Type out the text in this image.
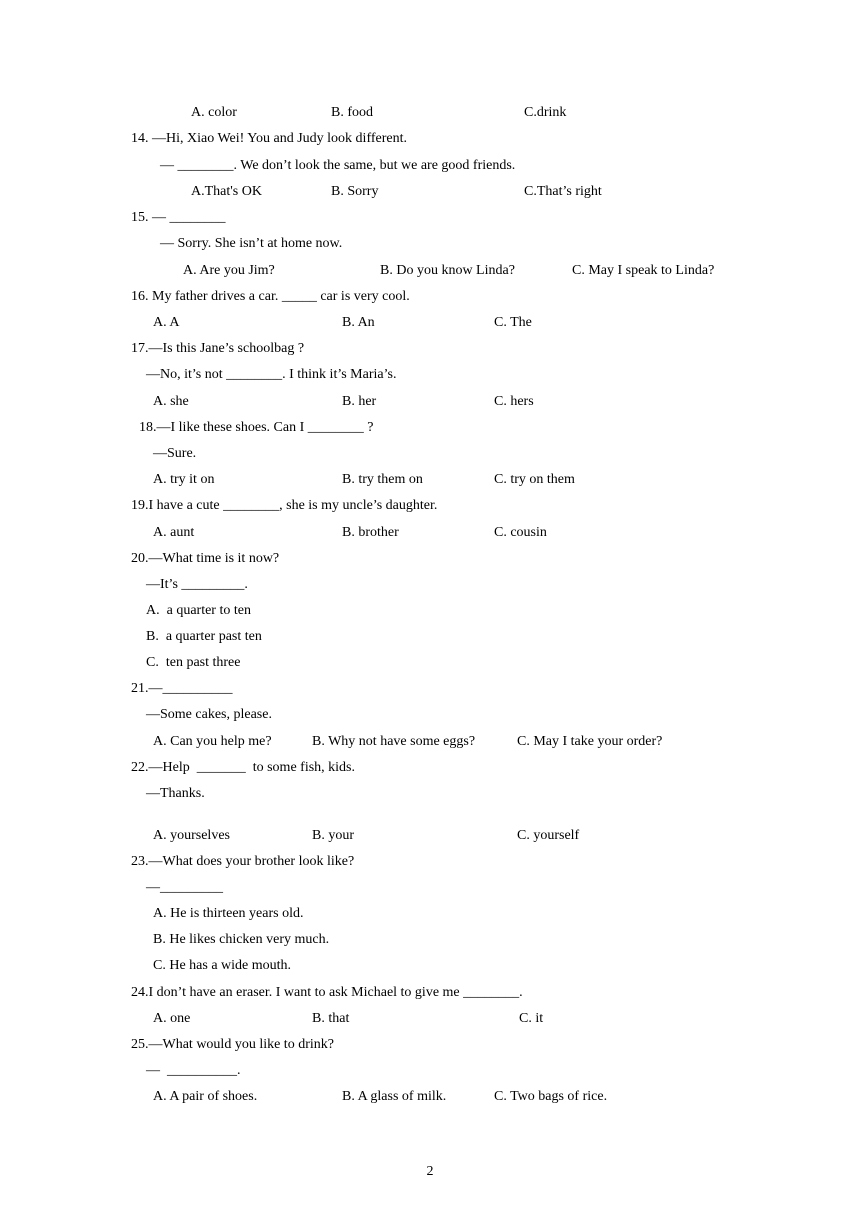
A. color	B. food	C.drink
14. —Hi, Xiao Wei! You and Judy look different.
— ________. We don’t look the same, but we are good friends.
A.That's OK	B. Sorry	C.That’s right
15. — ________
— Sorry. She isn’t at home now.
A. Are you Jim?	B. Do you know Linda?	C. May I speak to Linda?
16. My father drives a car. _____ car is very cool.
A. A	B. An	C. The
17.—Is this Jane’s schoolbag ?
—No, it’s not ________. I think it’s Maria’s.
A. she	B. her	C. hers
18.—I like these shoes. Can I ________ ?
—Sure.
A. try it on	B. try them on	C. try on them
19.I have a cute ________, she is my uncle’s daughter.
A. aunt	B. brother	C. cousin
20.—What time is it now?
—It’s _________.
A.  a quarter to ten
B.  a quarter past ten
C.  ten past three
21.—__________
—Some cakes, please.
A. Can you help me?	B. Why not have some eggs?	C. May I take your order?
22.—Help  _______  to some fish, kids.
—Thanks.
A. yourselves	B. your	C. yourself
23.—What does your brother look like?
—_________
A. He is thirteen years old.
B. He likes chicken very much.
C. He has a wide mouth.
24.I don’t have an eraser. I want to ask Michael to give me ________.
A. one	B. that	C. it
25.—What would you like to drink?
—  __________.
A. A pair of shoes.	B. A glass of milk.	C. Two bags of rice.
2
